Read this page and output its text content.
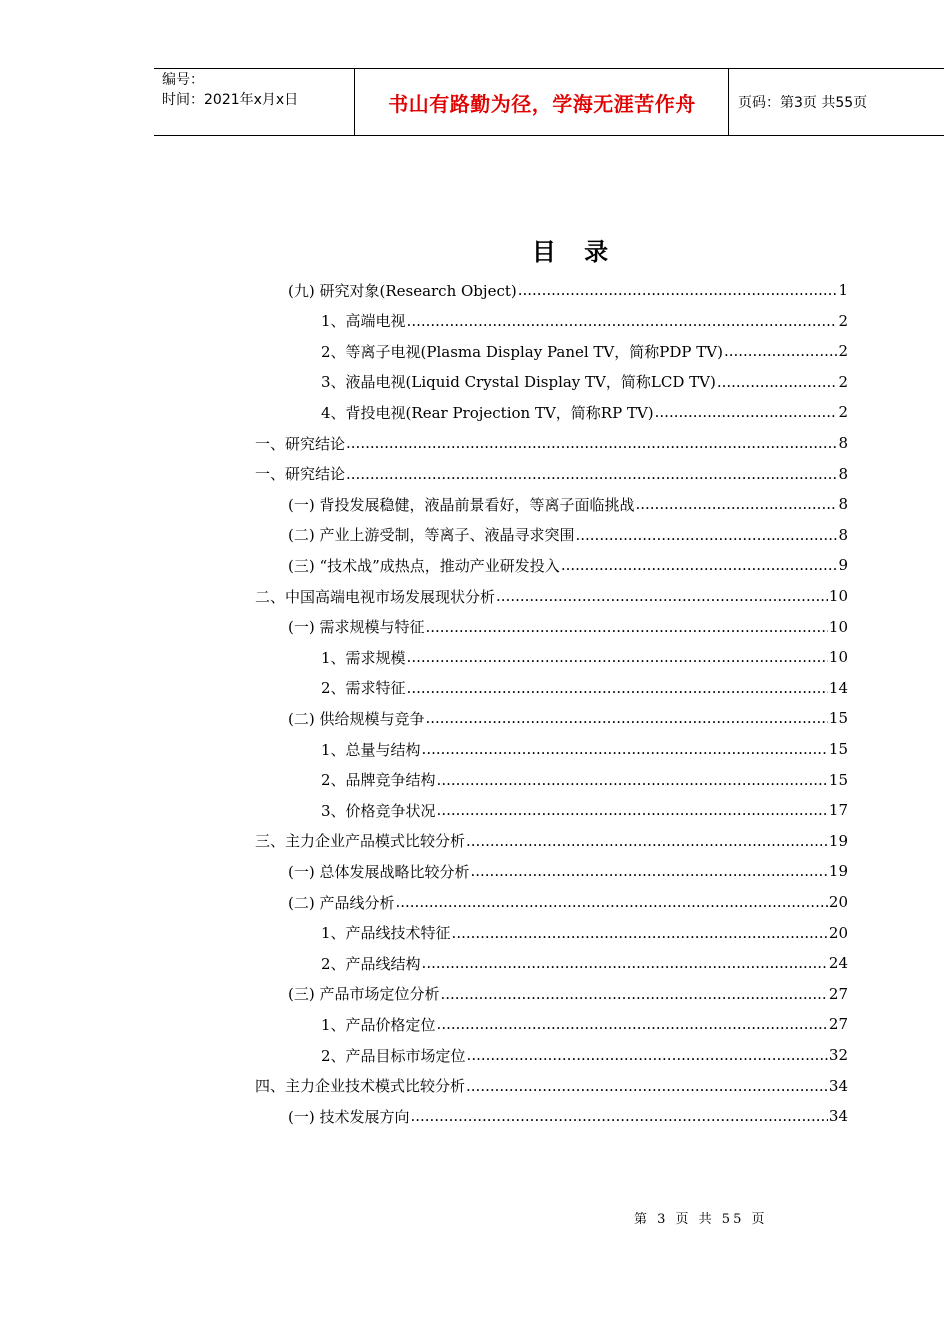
编号：
时间：2021年x月x日	书山有路勤为径，学海无涯苦作舟	页码：第3页 共55页
目 录
(九) 研究对象(Research Object) .....	1
1、高端电视 .....	2
2、等离子电视(Plasma Display Panel TV，简称PDP TV) .....	2
3、液晶电视(Liquid Crystal Display TV，简称LCD TV) .....	2
4、背投电视(Rear Projection TV，简称RP TV) .....	2
一、研究结论 .....	8
一、研究结论 .....	8
(一) 背投发展稳健，液晶前景看好，等离子面临挑战 .....	8
(二) 产业上游受制，等离子、液晶寻求突围 .....	8
(三) “技术战”成热点，推动产业研发投入 .....	9
二、中国高端电视市场发展现状分析 .....	10
(一) 需求规模与特征 .....	10
1、需求规模 .....	10
2、需求特征 .....	14
(二) 供给规模与竞争 .....	15
1、总量与结构 .....	15
2、品牌竞争结构 .....	15
3、价格竞争状况 .....	17
三、主力企业产品模式比较分析 .....	19
(一) 总体发展战略比较分析 .....	19
(二) 产品线分析 .....	20
1、产品线技术特征 .....	20
2、产品线结构 .....	24
(三) 产品市场定位分析 .....	27
1、产品价格定位 .....	27
2、产品目标市场定位 .....	32
四、主力企业技术模式比较分析 .....	34
(一) 技术发展方向 .....	34
第 3 页 共 55 页
